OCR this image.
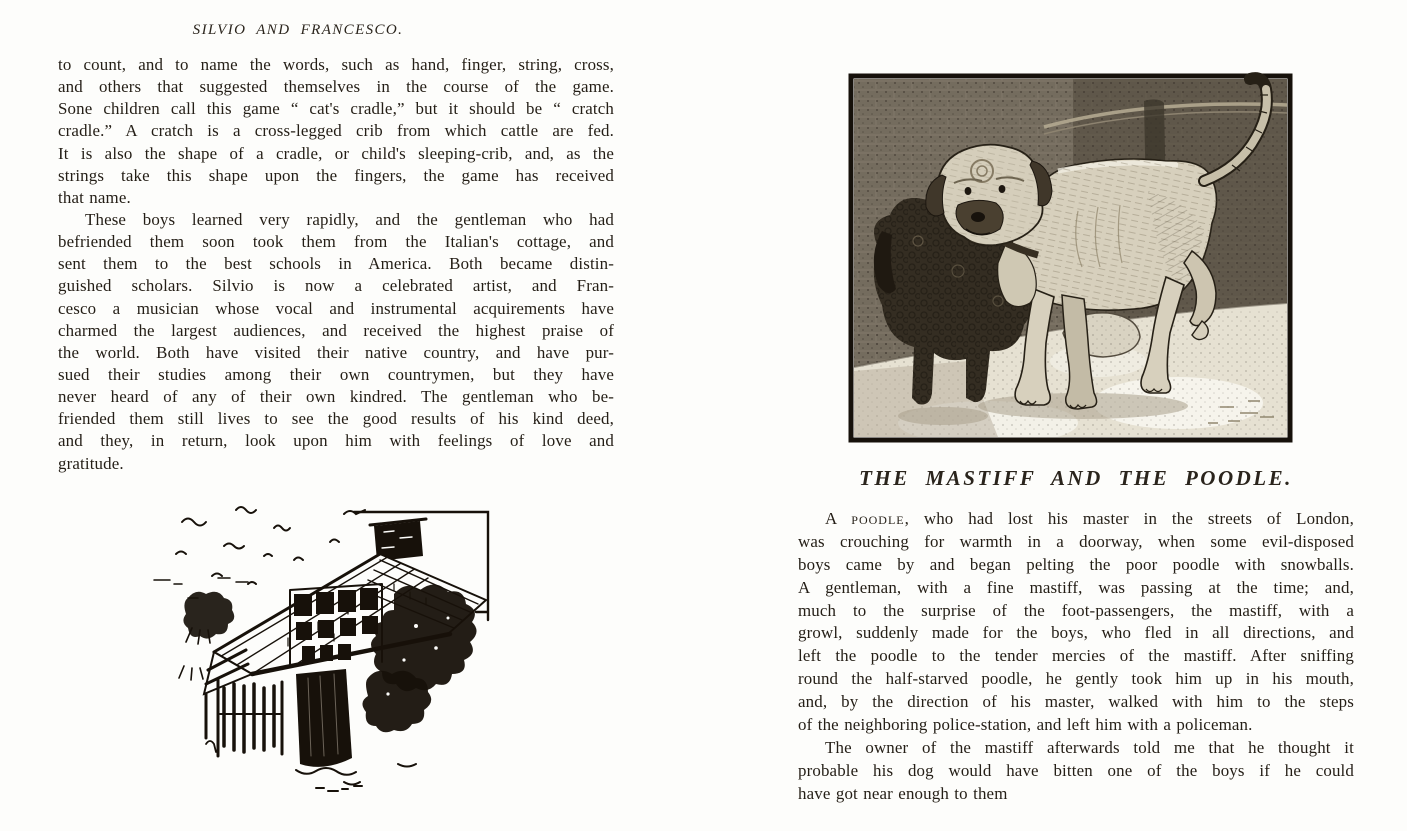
SILVIO AND FRANCESCO.
to count, and to name the words, such as hand, finger, string, cross,
and others that suggested themselves in the course of the game.
Sone children call this game “ cat's cradle,” but it should be “ cratch
cradle.” A cratch is a cross-legged crib from which cattle are fed.
It is also the shape of a cradle, or child's sleeping-crib, and, as the
strings take this shape upon the fingers, the game has received
that name.
These boys learned very rapidly, and the gentleman who had
befriended them soon took them from the Italian's cottage, and
sent them to the best schools in America. Both became distin-
guished scholars. Silvio is now a celebrated artist, and Fran-
cesco a musician whose vocal and instrumental acquirements have
charmed the largest audiences, and received the highest praise of
the world. Both have visited their native country, and have pur-
sued their studies among their own countrymen, but they have
never heard of any of their own kindred. The gentleman who be-
friended them still lives to see the good results of his kind deed,
and they, in return, look upon him with feelings of love and
gratitude.
THE MASTIFF AND THE POODLE.
A poodle, who had lost his master in the streets of London,
was crouching for warmth in a doorway, when some evil-disposed
boys came by and began pelting the poor poodle with snowballs.
A gentleman, with a fine mastiff, was passing at the time; and,
much to the surprise of the foot-passengers, the mastiff, with a
growl, suddenly made for the boys, who fled in all directions, and
left the poodle to the tender mercies of the mastiff. After sniffing
round the half-starved poodle, he gently took him up in his mouth,
and, by the direction of his master, walked with him to the steps
of the neighboring police-station, and left him with a policeman.
The owner of the mastiff afterwards told me that he thought it
probable his dog would have bitten one of the boys if he could
have got near enough to them
